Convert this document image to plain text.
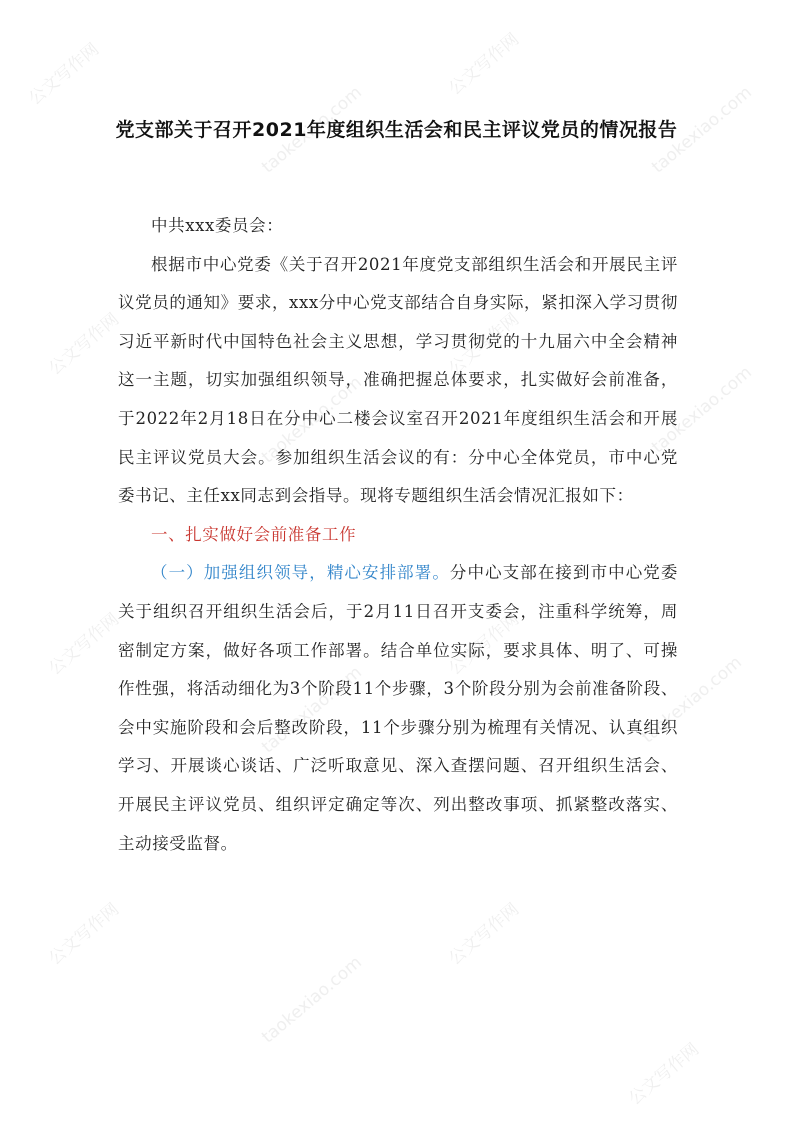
公文写作网
taokexiao.com
公文写作网
taokexiao.com
公文写作网
taokexiao.com
公文写作网
taokexiao.com
公文写作网
taokexiao.com
公文写作网
taokexiao.com
公文写作网
taokexiao.com
公文写作网
公文写作网
党支部关于召开2021年度组织生活会和民主评议党员的情况报告

中共xxx委员会：

根据市中心党委《关于召开2021年度党支部组织生活会和开展民主评议党员的通知》要求，xxx分中心党支部结合自身实际，紧扣深入学习贯彻习近平新时代中国特色社会主义思想，学习贯彻党的十九届六中全会精神这一主题，切实加强组织领导，准确把握总体要求，扎实做好会前准备，于2022年2月18日在分中心二楼会议室召开2021年度组织生活会和开展民主评议党员大会。参加组织生活会议的有：分中心全体党员，市中心党委书记、主任xx同志到会指导。现将专题组织生活会情况汇报如下：

一、扎实做好会前准备工作

（一）加强组织领导，精心安排部署。分中心支部在接到市中心党委关于组织召开组织生活会后，于2月11日召开支委会，注重科学统筹，周密制定方案，做好各项工作部署。结合单位实际，要求具体、明了、可操作性强，将活动细化为3个阶段11个步骤，3个阶段分别为会前准备阶段、会中实施阶段和会后整改阶段，11个步骤分别为梳理有关情况、认真组织学习、开展谈心谈话、广泛听取意见、深入查摆问题、召开组织生活会、开展民主评议党员、组织评定确定等次、列出整改事项、抓紧整改落实、主动接受监督。
